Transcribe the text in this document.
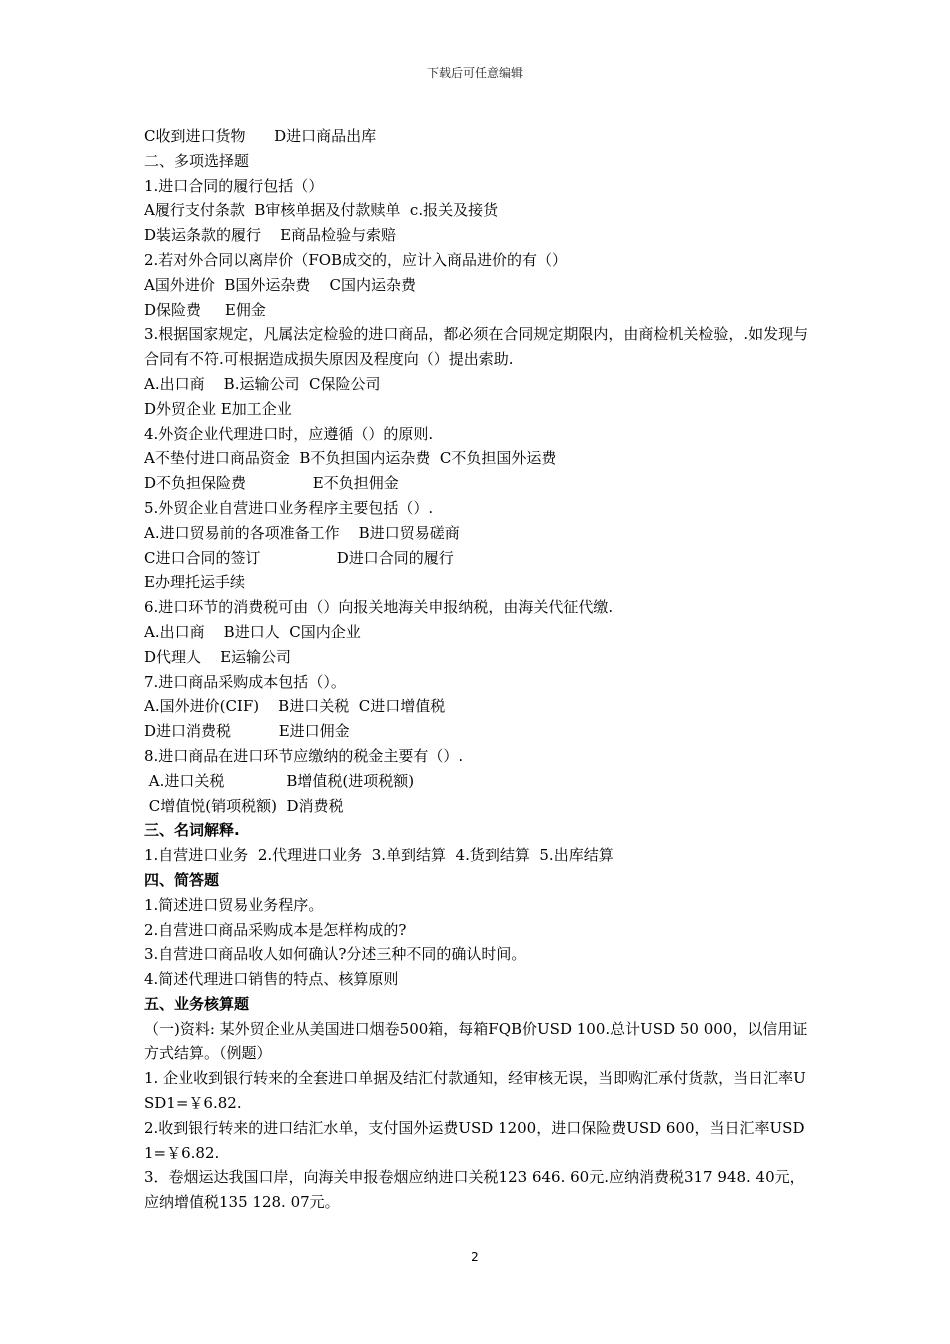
下载后可任意编辑
C收到进口货物      D进口商品出库
二、多项选择题
1.进口合同的履行包括（）
A履行支付条款  B审核单据及付款赎单  c.报关及接货
D装运条款的履行    E商品检验与索赔
2.若对外合同以离岸价（FOB成交的，应计入商品进价的有（）
A国外进价  B国外运杂费    C国内运杂费
D保险费     E佣金
3.根据国家规定，凡属法定检验的进口商品，都必须在合同规定期限内，由商检机关检验，.如发现与合同有不符.可根据造成损失原因及程度向（）提出索助.
A.出口商    B.运输公司  C保险公司
D外贸企业 E加工企业
4.外资企业代理进口时，应遵循（）的原则.
A不垫付进口商品资金  B不负担国内运杂费  C不负担国外运费
D不负担保险费              E不负担佣金
5.外贸企业自营进口业务程序主要包括（）.
A.进口贸易前的各项准备工作    B进口贸易磋商
C进口合同的签订                D进口合同的履行
E办理托运手续
6.进口环节的消费税可由（）向报关地海关申报纳税，由海关代征代缴.
A.出口商    B进口人  C国内企业
D代理人    E运输公司
7.进口商品采购成本包括（）。
A.国外进价(CIF)    B进口关税  C进口增值税
D进口消费税          E进口佣金
8.进口商品在进口环节应缴纳的税金主要有（）.
A.进口关税             B增值税(进项税额)
C增值悦(销项税额)  D消费税
三、名词解释.
1.自营进口业务  2.代理进口业务  3.单到结算  4.货到结算  5.出库结算
四、简答题
1.简述进口贸易业务程序。
2.自营进口商品采购成本是怎样构成的?
3.自营进口商品收人如何确认?分述三种不同的确认时间。
4.简述代理进口销售的特点、核算原则
五、业务核算题
（一)资料: 某外贸企业从美国进口烟卷500箱，每箱FQB价USD 100.总计USD 50 000，以信用证方式结算。（例题）
1. 企业收到银行转来的全套进口单据及结汇付款通知，经审核无误，当即购汇承付货款，当日汇率USD1=￥6.82.
2.收到银行转来的进口结汇水单，支付国外运费USD 1200，进口保险费USD 600，当日汇率USD1=￥6.82.
3．卷烟运达我国口岸，向海关申报卷烟应纳进口关税123 646. 60元.应纳消费税317 948. 40元，应纳增值税135 128. 07元。
2
